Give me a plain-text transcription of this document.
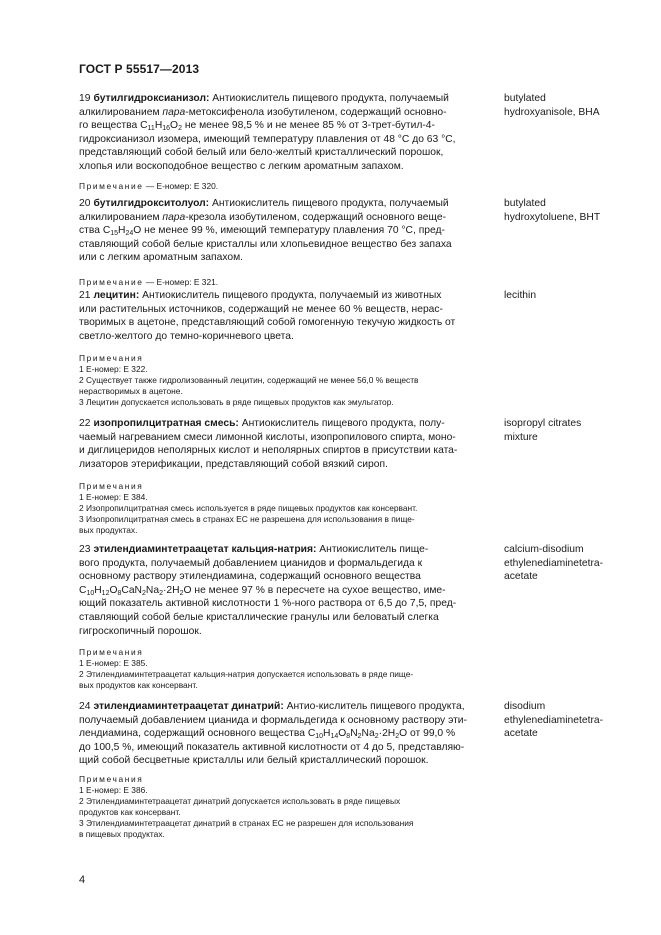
ГОСТ Р 55517—2013

19 бутилгидроксианизол: Антиокислитель пищевого продукта, получаемый
алкилированием пара-метоксифенола изобутиленом, содержащий основно-
го вещества $C_{11}H_{16}O_2$ не менее 98,5 % и не менее 85 % от 3-трет-бутил-4-
гидроксианизол изомера, имеющий температуру плавления от 48 °C до 63 °C,
представляющий собой белый или бело-желтый кристаллический порошок,
хлопья или воскоподобное вещество с легким ароматным запахом.

butylated
hydroxyanisole, BHA

Примечание — Е-номер: Е 320.

20 бутилгидрокситолуол: Антиокислитель пищевого продукта, получаемый
алкилированием пара-крезола изобутиленом, содержащий основного веще-
ства $C_{15}H_{24}O$ не менее 99 %, имеющий температуру плавления 70 °C, пред-
ставляющий собой белые кристаллы или хлопьевидное вещество без запаха
или с легким ароматным запахом.

butylated
hydroxytoluene, BHT

Примечание — Е-номер: Е 321.

21 лецитин: Антиокислитель пищевого продукта, получаемый из животных
или растительных источников, содержащий не менее 60 % веществ, нерас-
творимых в ацетоне, представляющий собой гомогенную текучую жидкость от
светло-желтого до темно-коричневого цвета.

lecithin

Примечания
1 Е-номер: Е 322.
2 Существует также гидролизованный лецитин, содержащий не менее 56,0 % веществ
нерастворимых в ацетоне.
3 Лецитин допускается использовать в ряде пищевых продуктов как эмульгатор.

22 изопропилцитратная смесь: Антиокислитель пищевого продукта, полу-
чаемый нагреванием смеси лимонной кислоты, изопропилового спирта, моно-
и диглицеридов неполярных кислот и неполярных спиртов в присутствии ката-
лизаторов этерификации, представляющий собой вязкий сироп.

isopropyl citrates
mixture

Примечания
1 Е-номер: Е 384.
2 Изопропилцитратная смесь используется в ряде пищевых продуктов как консервант.
3 Изопропилцитратная смесь в странах ЕС не разрешена для использования в пище-
вых продуктах.

23 этилендиаминтетраацетат кальция-натрия: Антиокислитель пище-
вого продукта, получаемый добавлением цианидов и формальдегида к
основному раствору этилендиамина, содержащий основного вещества
$C_{10}H_{12}O_8CaN_2Na_2\cdot 2H_2O$ не менее 97 % в пересчете на сухое вещество, име-
ющий показатель активной кислотности 1 %-ного раствора от 6,5 до 7,5, пред-
ставляющий собой белые кристаллические гранулы или беловатый слегка
гигроскопичный порошок.

calcium-disodium
ethylenediaminetetra-
acetate

Примечания
1 Е-номер: Е 385.
2 Этилендиаминтетраацетат кальция-натрия допускается использовать в ряде пище-
вых продуктов как консервант.

24 этилендиаминтетраацетат динатрий: Антио-кислитель пищевого продукта,
получаемый добавлением цианида и формальдегида к основному раствору эти-
лендиамина, содержащий основного вещества $C_{10}H_{14}O_8N_2Na_2\cdot 2H_2O$ от 99,0 %
до 100,5 %, имеющий показатель активной кислотности от 4 до 5, представляю-
щий собой бесцветные кристаллы или белый кристаллический порошок.

disodium
ethylenediaminetetra-
acetate

Примечания
1 Е-номер: Е 386.
2 Этилендиаминтетраацетат динатрий допускается использовать в ряде пищевых
продуктов как консервант.
3 Этилендиаминтетраацетат динатрий в странах ЕС не разрешен для использования
в пищевых продуктах.
4
